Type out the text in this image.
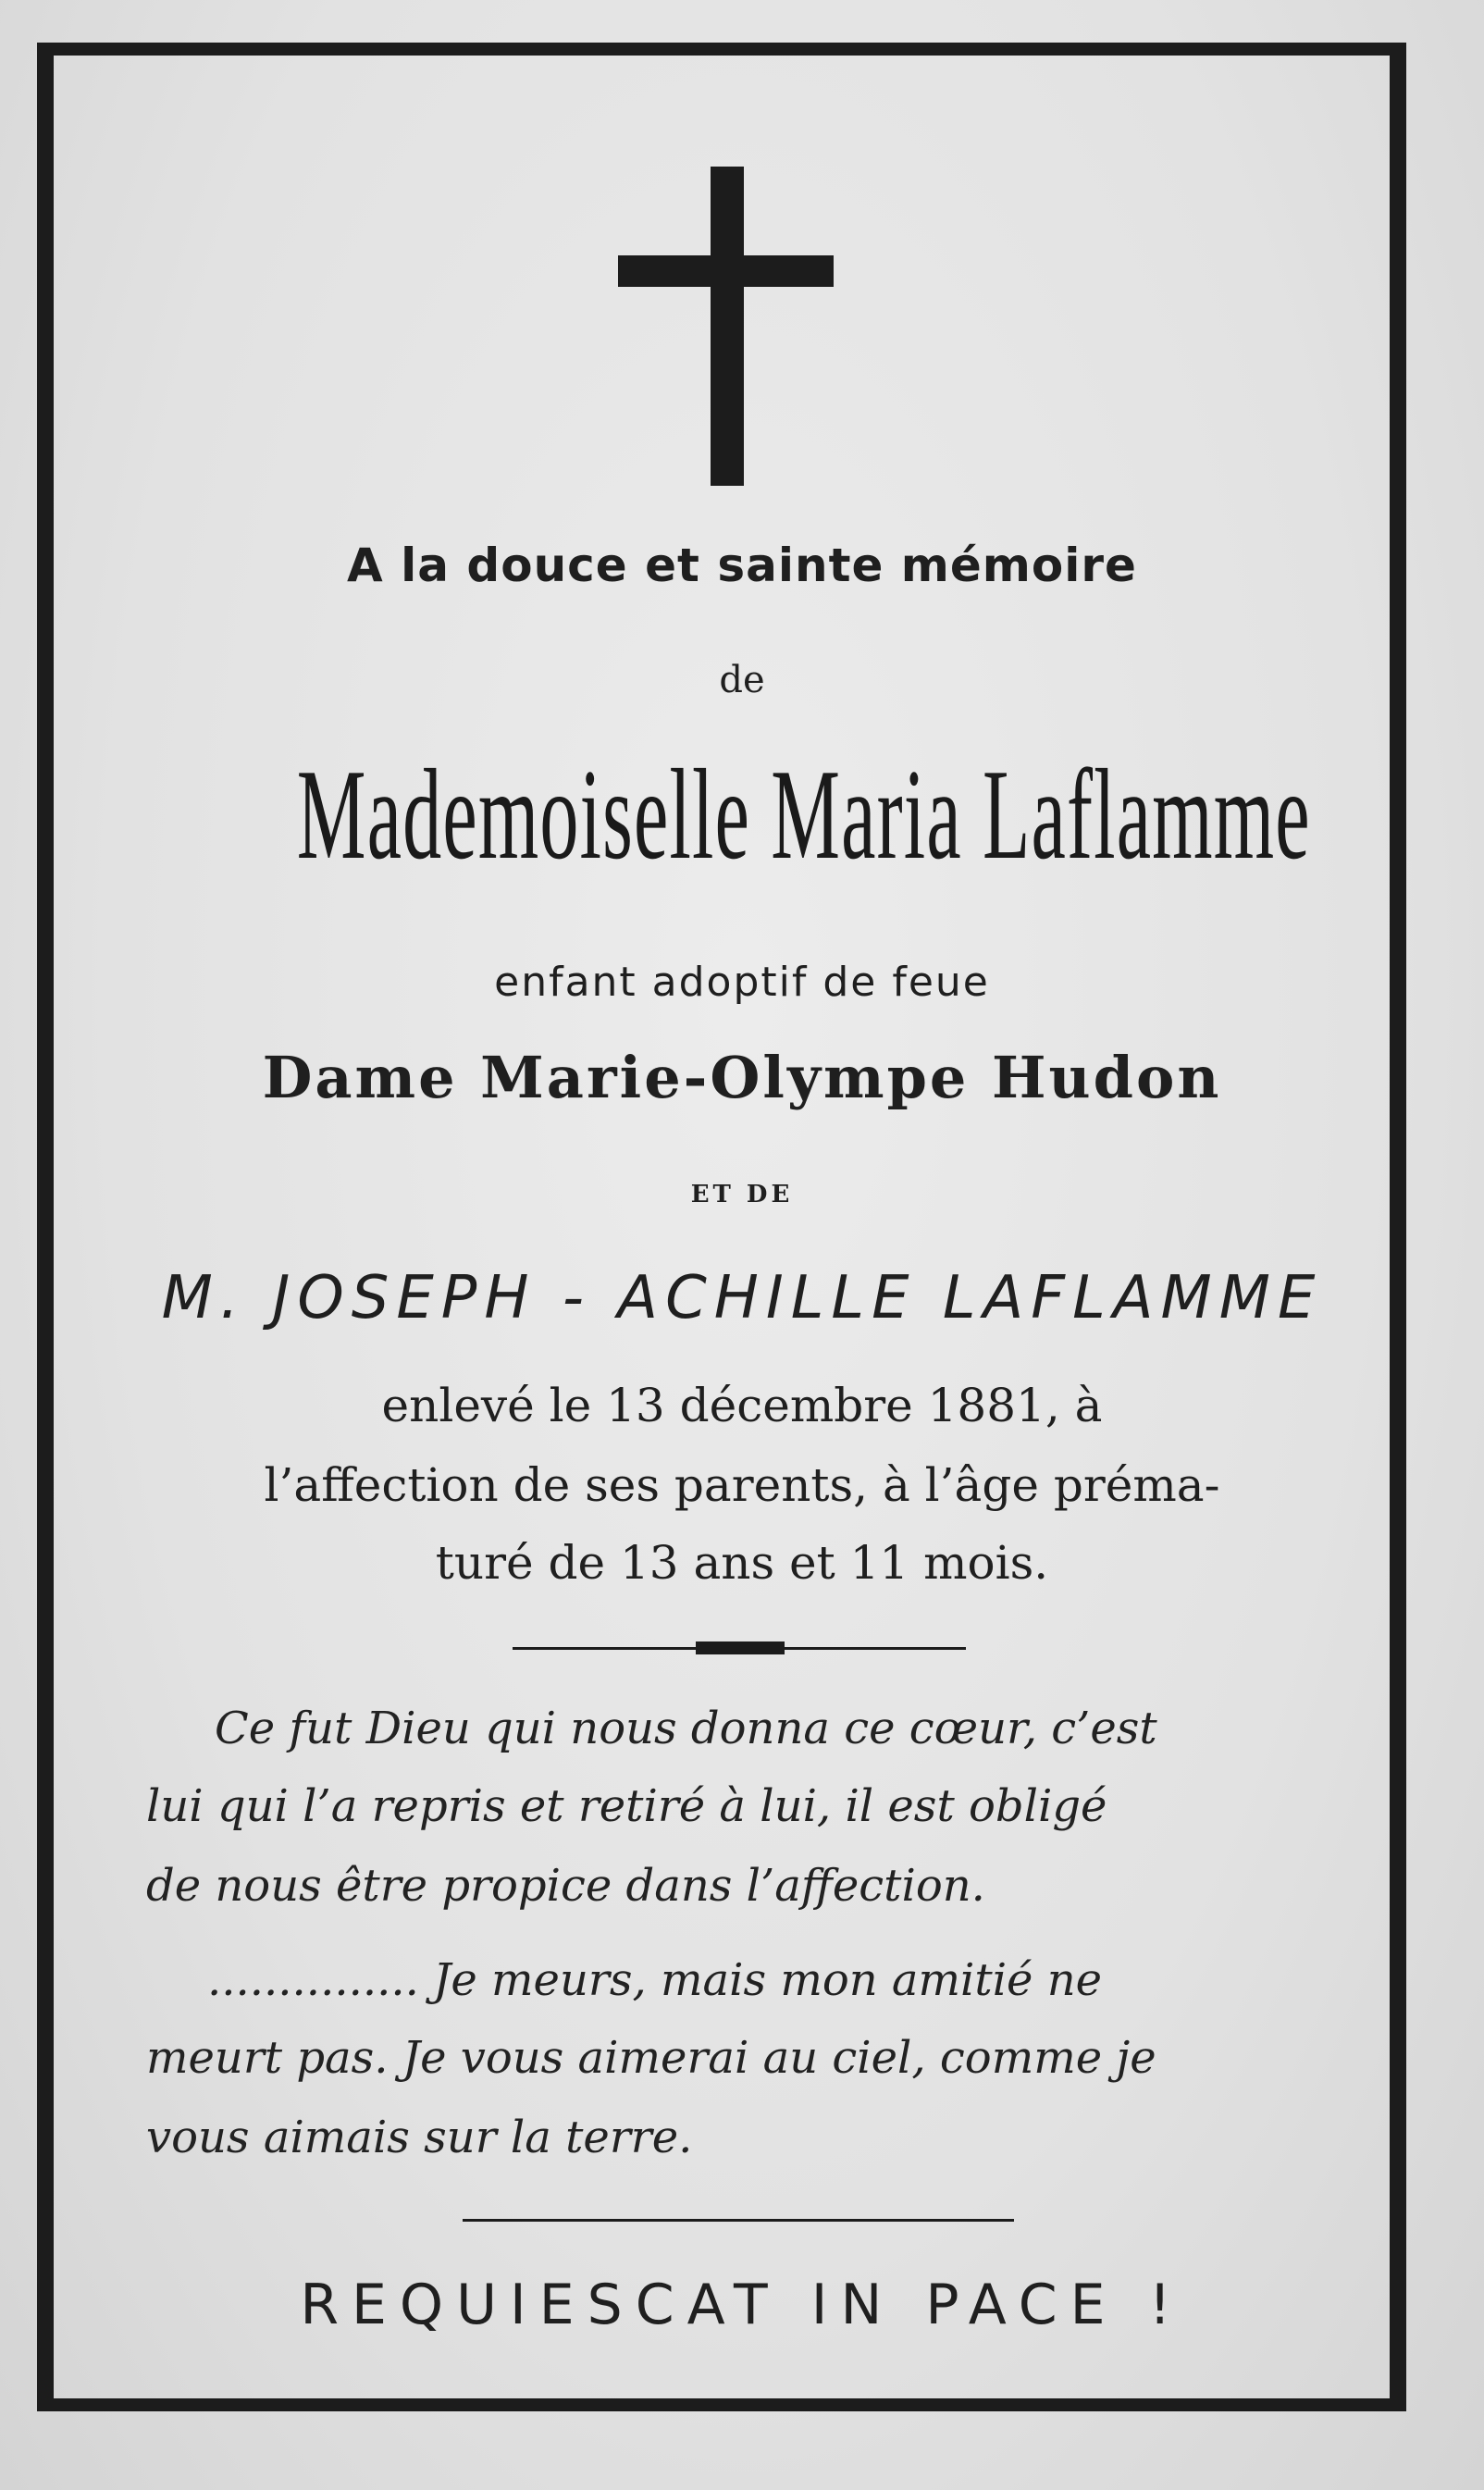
A la douce et sainte mémoire
de
Mademoiselle Maria Laflamme
enfant adoptif de feue
Dame Marie-Olympe Hudon
ET DE
M. JOSEPH - ACHILLE LAFLAMME
enlevé le 13 décembre 1881, à
l’affection de ses parents, à l’âge préma-
turé de 13 ans et 11 mois.
Ce fut Dieu qui nous donna ce cœur, c’est
lui qui l’a repris et retiré à lui, il est obligé
de nous être propice dans l’affection.
............... Je meurs, mais mon amitié ne
meurt pas. Je vous aimerai au ciel, comme je
vous aimais sur la terre.
REQUIESCAT IN PACE !
